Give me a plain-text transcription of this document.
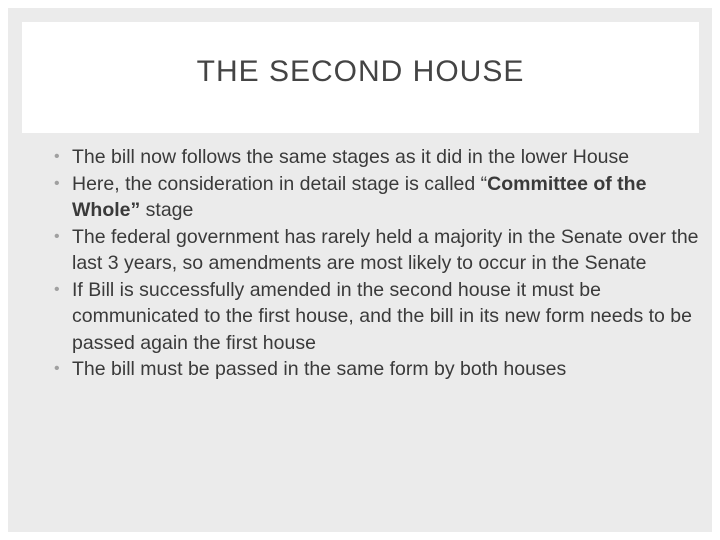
THE SECOND HOUSE
• The bill now follows the same stages as it did in the lower House
• Here, the consideration in detail stage is called “Committee of the Whole” stage
• The federal government has rarely held a majority in the Senate over the last 3 years, so amendments are most likely to occur in the Senate
• If Bill is successfully amended in the second house it must be communicated to the first house, and the bill in its new form needs to be passed again the first house
• The bill must be passed in the same form by both houses
